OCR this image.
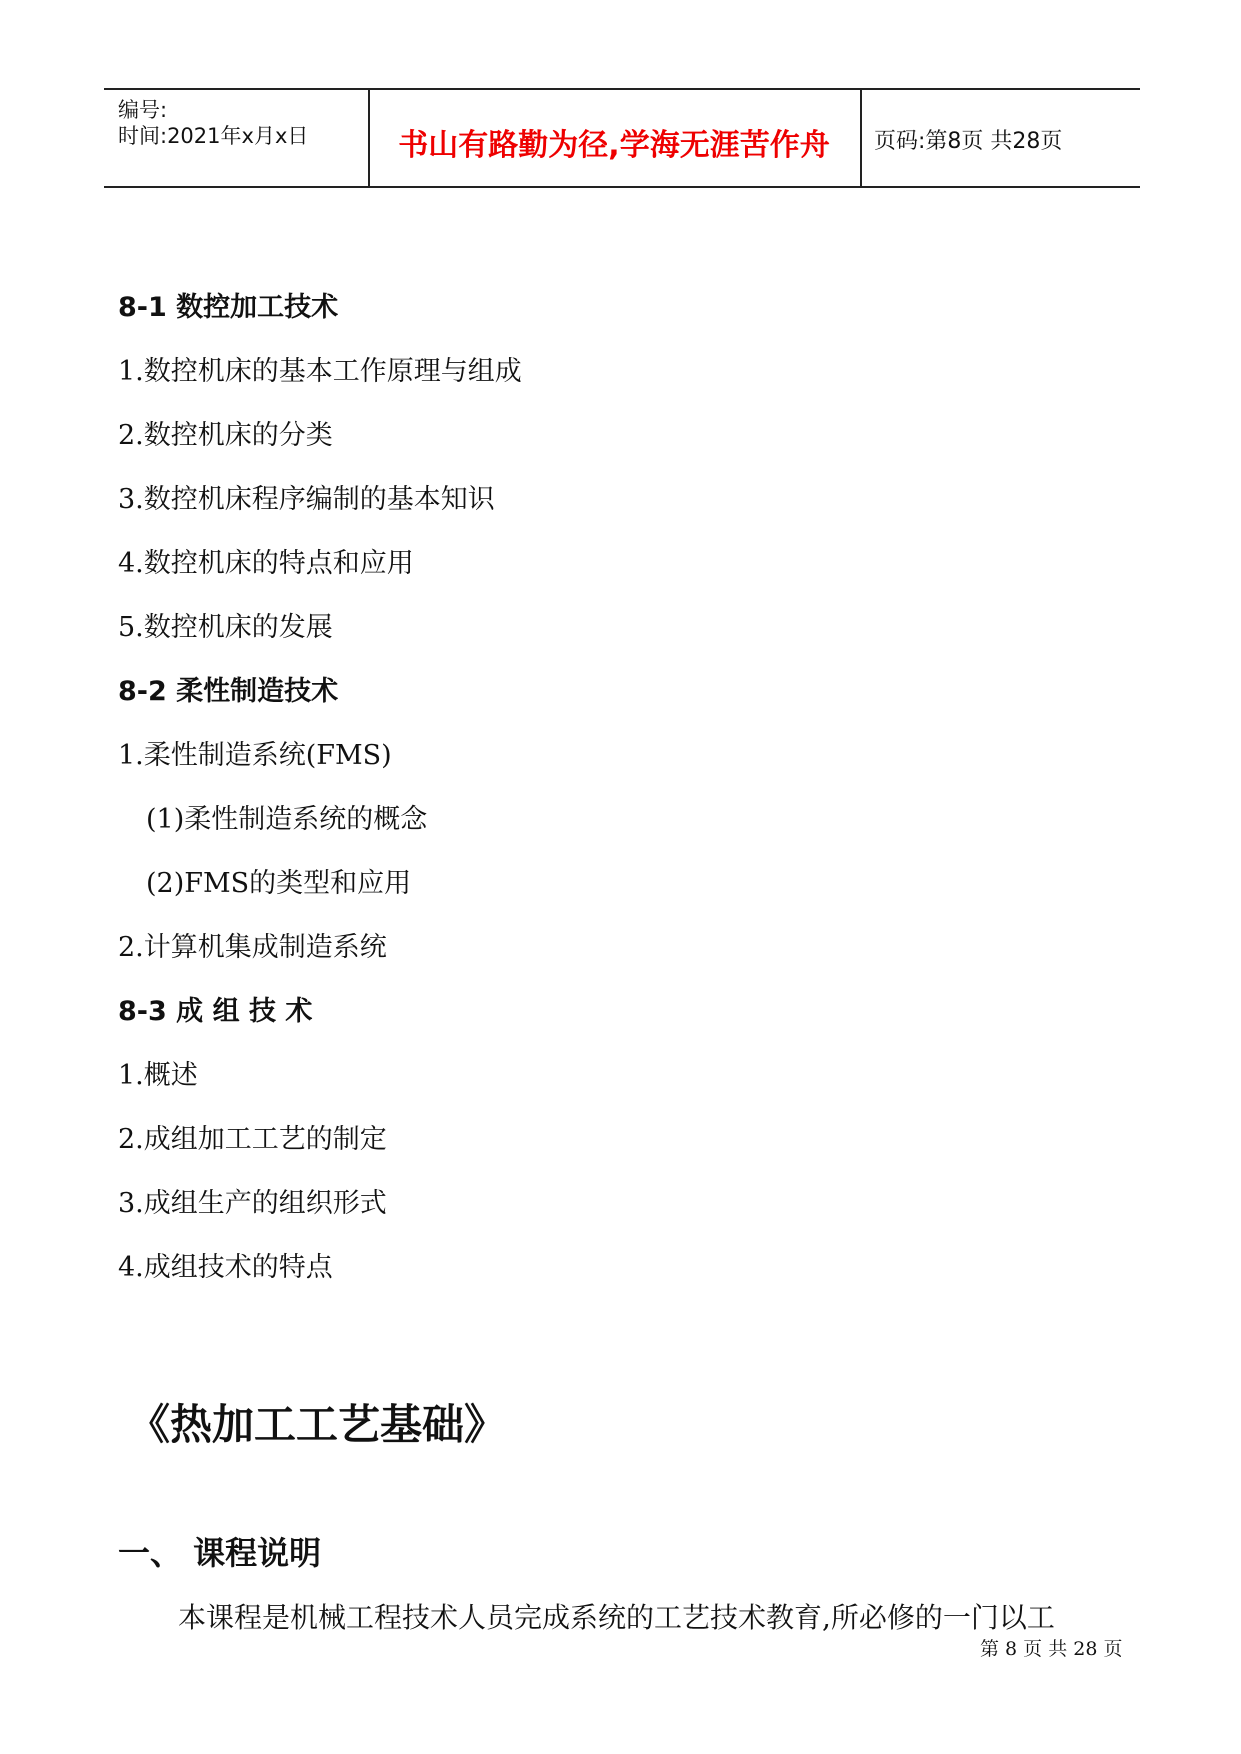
编号:
时间:2021年x月x日	书山有路勤为径,学海无涯苦作舟	页码:第8页 共28页
8-1 数控加工技术
1.数控机床的基本工作原理与组成
2.数控机床的分类
3.数控机床程序编制的基本知识
4.数控机床的特点和应用
5.数控机床的发展
8-2 柔性制造技术
1.柔性制造系统(FMS)
(1)柔性制造系统的概念
(2)FMS的类型和应用
2.计算机集成制造系统
8-3 成 组 技 术
1.概述
2.成组加工工艺的制定
3.成组生产的组织形式
4.成组技术的特点
《热加工工艺基础》
一、 课程说明
本课程是机械工程技术人员完成系统的工艺技术教育,所必修的一门以工
第 8 页 共 28 页
